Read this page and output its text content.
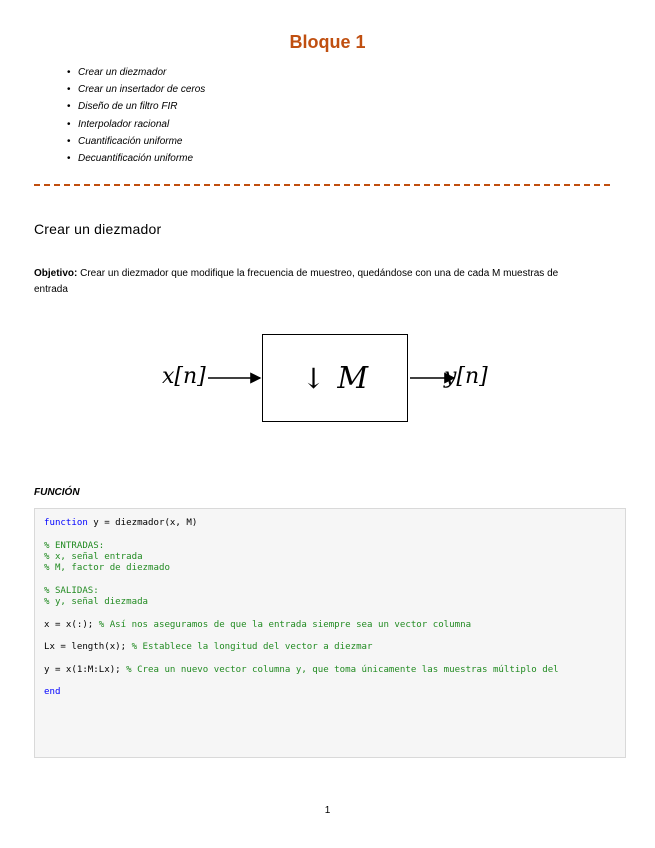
Bloque 1
• Crear un diezmador
• Crear un insertador de ceros
• Diseño de un filtro FIR
• Interpolador racional
• Cuantificación uniforme
• Decuantificación uniforme
Crear un diezmador
Objetivo: Crear un diezmador que modifique la frecuencia de muestreo, quedándose con una de cada M muestras de entrada
↓ M
x[n]	y[n]
FUNCIÓN
function y = diezmador(x, M)

% ENTRADAS:
% x, señal entrada
% M, factor de diezmado

% SALIDAS:
% y, señal diezmada

x = x(:); % Así nos aseguramos de que la entrada siempre sea un vector columna

Lx = length(x); % Establece la longitud del vector a diezmar

y = x(1:M:Lx); % Crea un nuevo vector columna y, que toma únicamente las muestras múltiplo del

end
1
